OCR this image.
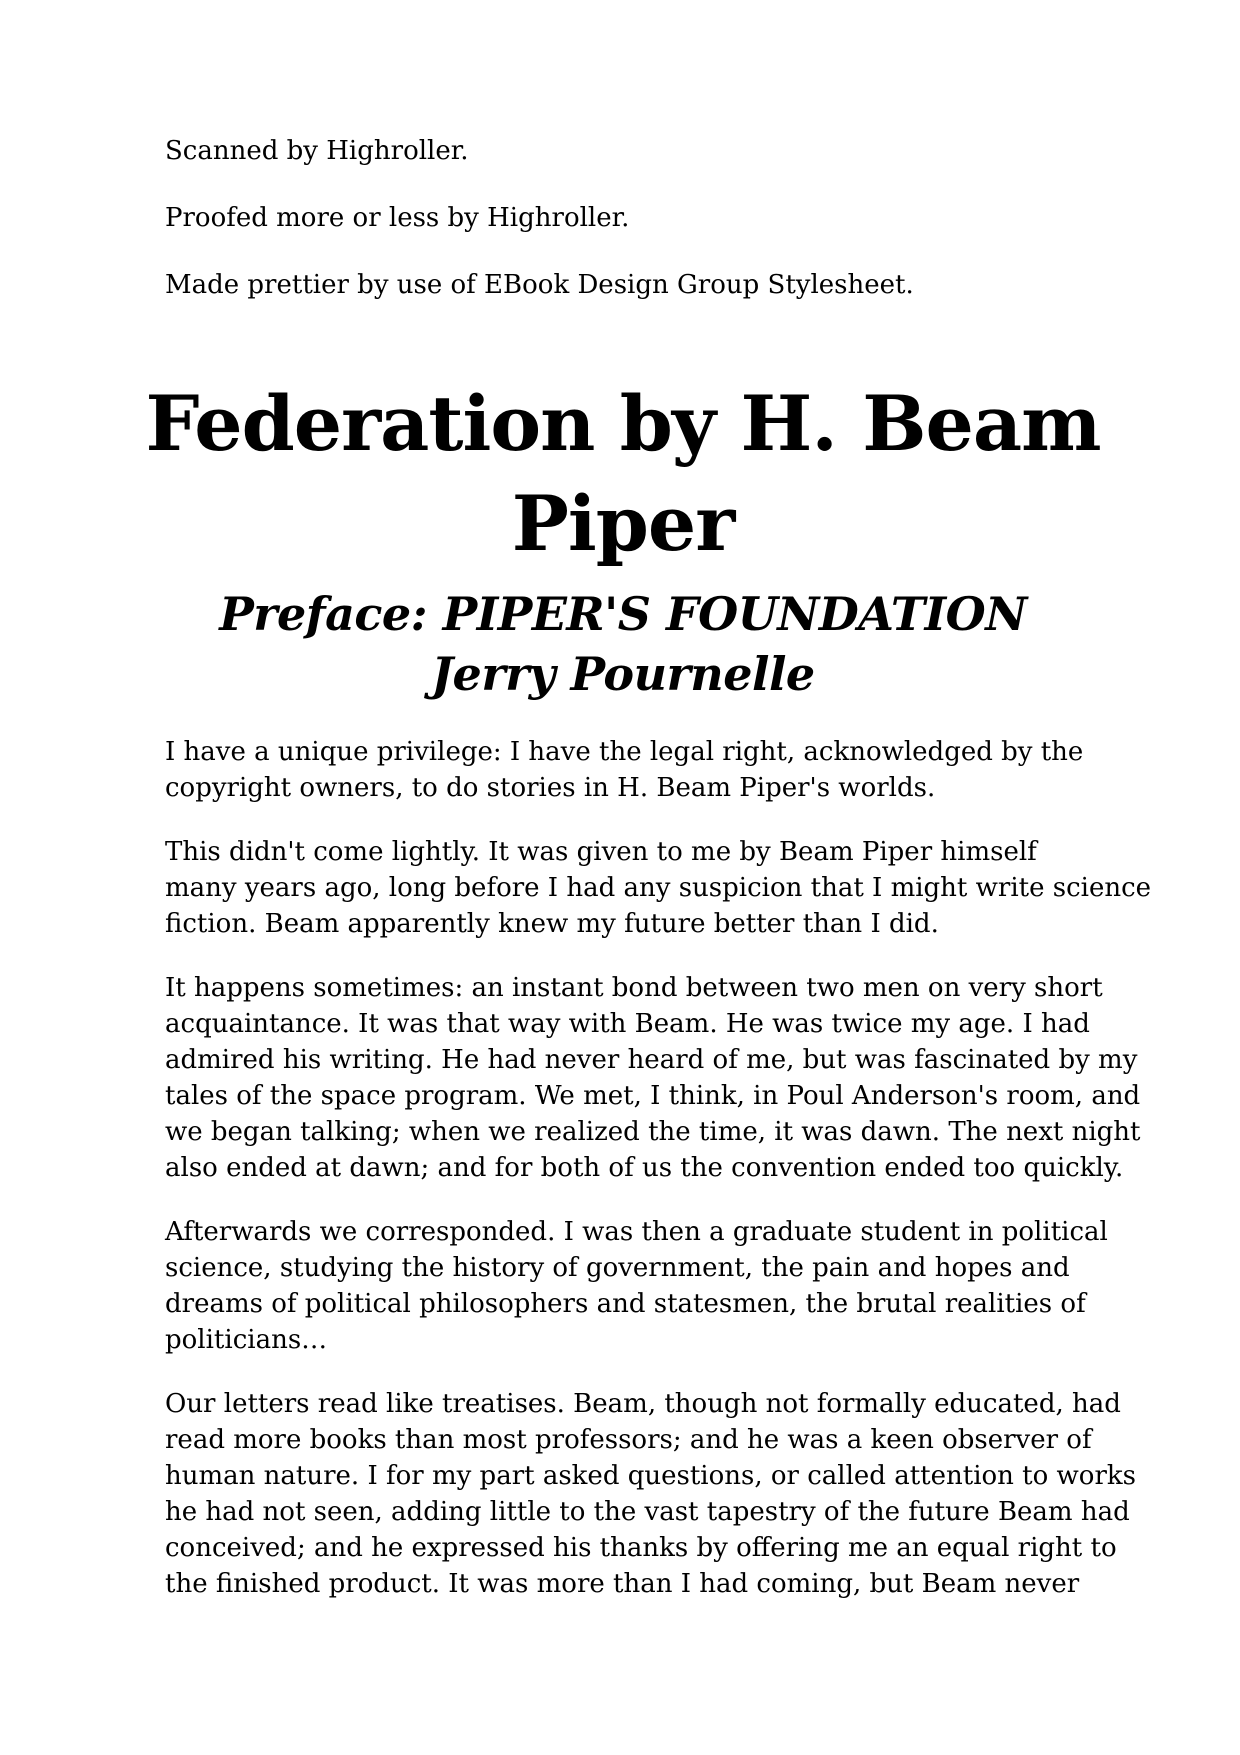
Scanned by Highroller.

Proofed more or less by Highroller.

Made prettier by use of EBook Design Group Stylesheet.

Federation by H. Beam
Piper
Preface: PIPER'S FOUNDATION
Jerry Pournelle

I have a unique privilege: I have the legal right, acknowledged by the
copyright owners, to do stories in H. Beam Piper's worlds.

This didn't come lightly. It was given to me by Beam Piper himself
many years ago, long before I had any suspicion that I might write science
fiction. Beam apparently knew my future better than I did.

It happens sometimes: an instant bond between two men on very short
acquaintance. It was that way with Beam. He was twice my age. I had
admired his writing. He had never heard of me, but was fascinated by my
tales of the space program. We met, I think, in Poul Anderson's room, and
we began talking; when we realized the time, it was dawn. The next night
also ended at dawn; and for both of us the convention ended too quickly.

Afterwards we corresponded. I was then a graduate student in political
science, studying the history of government, the pain and hopes and
dreams of political philosophers and statesmen, the brutal realities of
politicians…

Our letters read like treatises. Beam, though not formally educated, had
read more books than most professors; and he was a keen observer of
human nature. I for my part asked questions, or called attention to works
he had not seen, adding little to the vast tapestry of the future Beam had
conceived; and he expressed his thanks by offering me an equal right to
the finished product. It was more than I had coming, but Beam never
